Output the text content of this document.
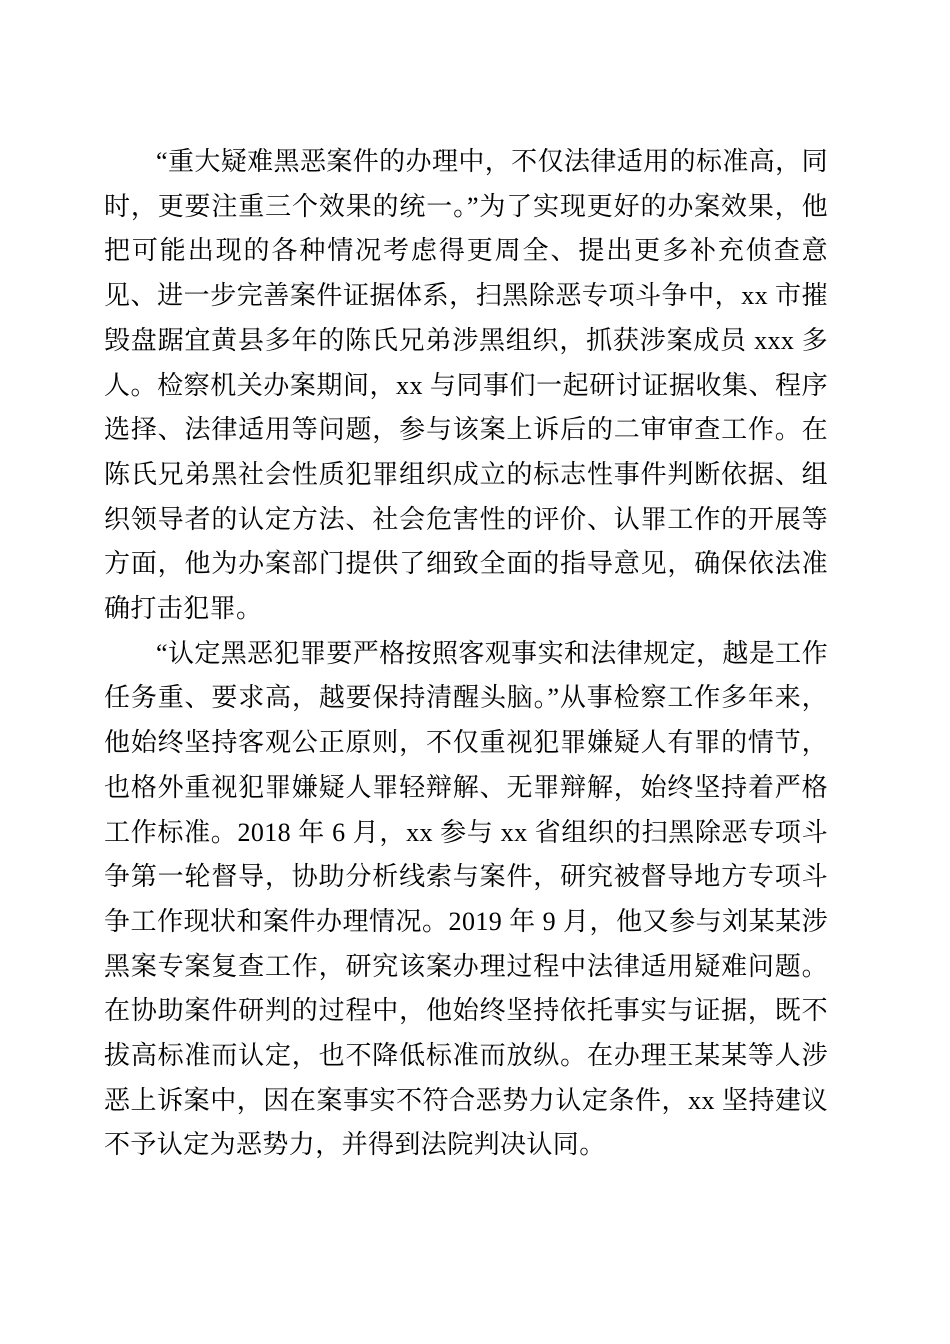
“重大疑难黑恶案件的办理中，不仅法律适用的标准高，同时，更要注重三个效果的统一。”为了实现更好的办案效果，他把可能出现的各种情况考虑得更周全、提出更多补充侦查意见、进一步完善案件证据体系，扫黑除恶专项斗争中，xx 市摧毁盘踞宜黄县多年的陈氏兄弟涉黑组织，抓获涉案成员 xxx 多人。检察机关办案期间，xx 与同事们一起研讨证据收集、程序选择、法律适用等问题，参与该案上诉后的二审审查工作。在陈氏兄弟黑社会性质犯罪组织成立的标志性事件判断依据、组织领导者的认定方法、社会危害性的评价、认罪工作的开展等方面，他为办案部门提供了细致全面的指导意见，确保依法准确打击犯罪。

“认定黑恶犯罪要严格按照客观事实和法律规定，越是工作任务重、要求高，越要保持清醒头脑。”从事检察工作多年来，他始终坚持客观公正原则，不仅重视犯罪嫌疑人有罪的情节，也格外重视犯罪嫌疑人罪轻辩解、无罪辩解，始终坚持着严格工作标准。2018 年 6 月，xx 参与 xx 省组织的扫黑除恶专项斗争第一轮督导，协助分析线索与案件，研究被督导地方专项斗争工作现状和案件办理情况。2019 年 9 月，他又参与刘某某涉黑案专案复查工作，研究该案办理过程中法律适用疑难问题。在协助案件研判的过程中，他始终坚持依托事实与证据，既不拔高标准而认定，也不降低标准而放纵。在办理王某某等人涉恶上诉案中，因在案事实不符合恶势力认定条件，xx 坚持建议不予认定为恶势力，并得到法院判决认同。
